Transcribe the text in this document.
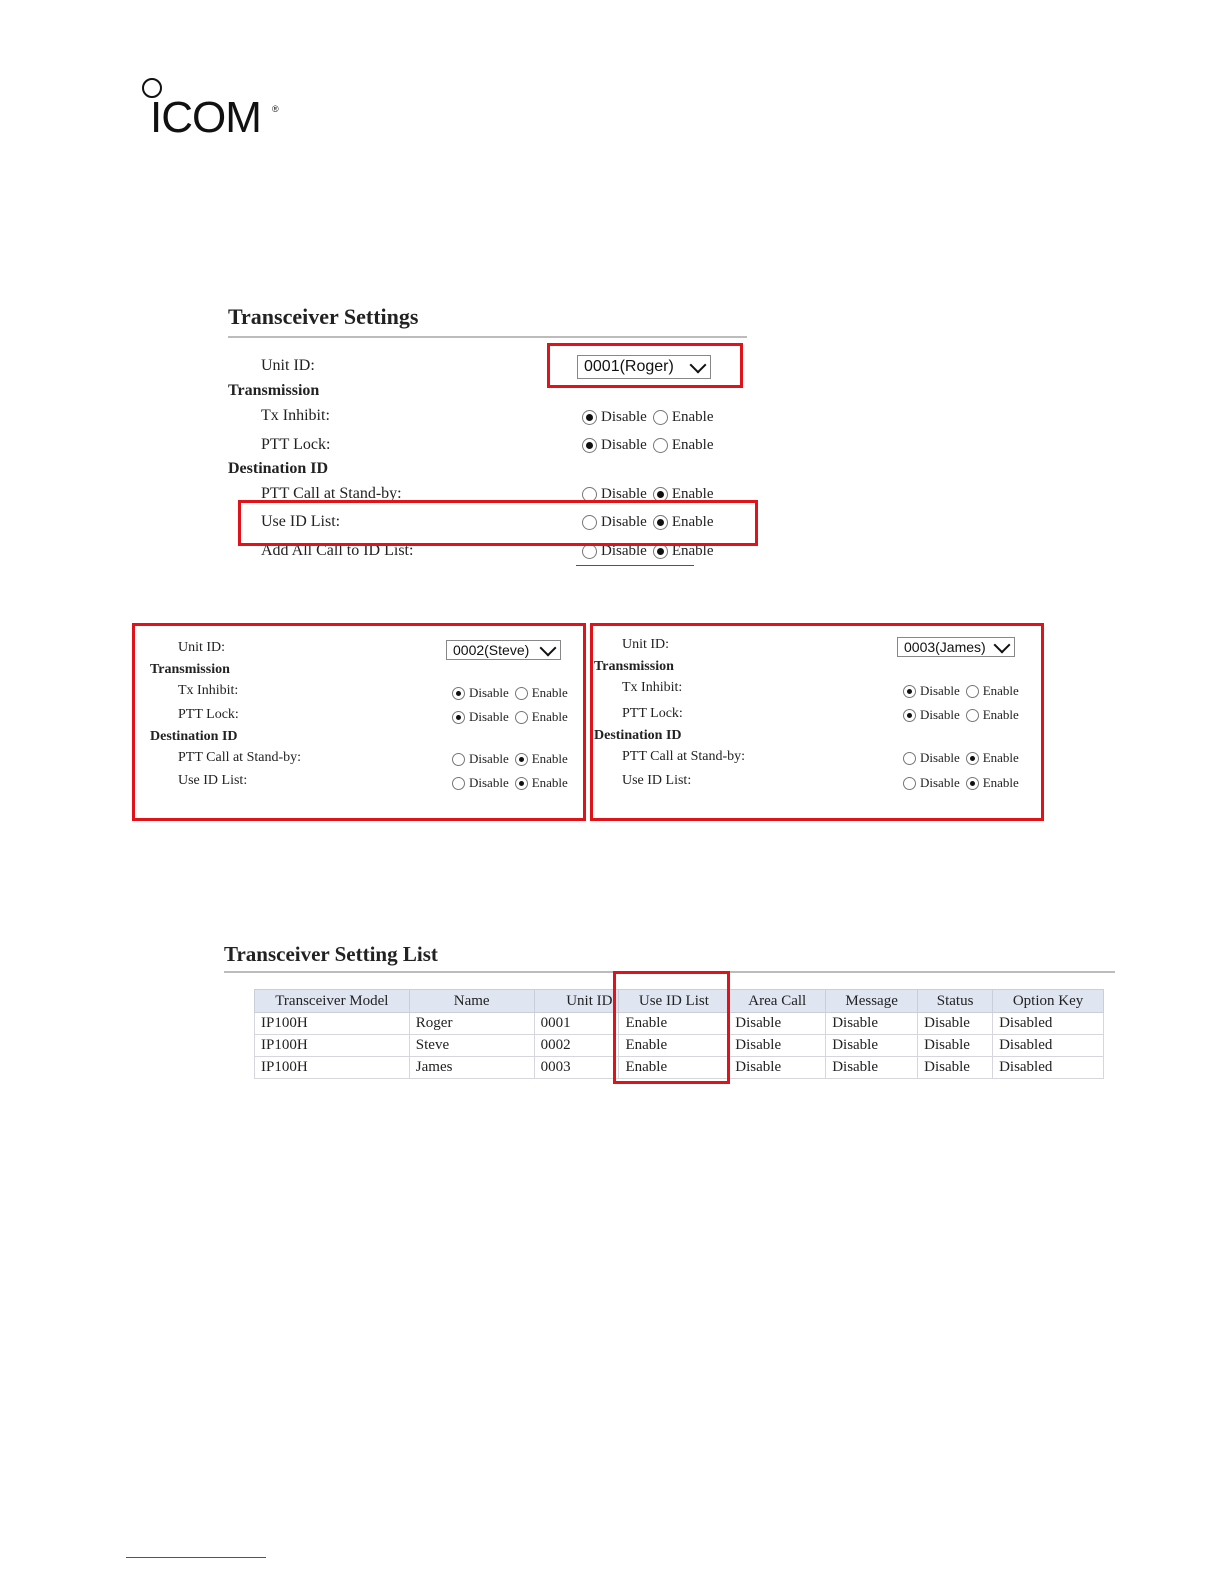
ICOM ®
Transceiver Settings
Unit ID:	0001(Roger)
Transmission
Tx Inhibit:	Disable Enable
PTT Lock:	Disable Enable
Destination ID
PTT Call at Stand-by:	Disable Enable
Use ID List:	Disable Enable
Add All Call to ID List:	Disable Enable
Unit ID:	0002(Steve)
Transmission
Tx Inhibit:	Disable Enable
PTT Lock:	Disable Enable
Destination ID
PTT Call at Stand-by:	Disable Enable
Use ID List:	Disable Enable
Unit ID:	0003(James)
Transmission
Tx Inhibit:	Disable Enable
PTT Lock:	Disable Enable
Destination ID
PTT Call at Stand-by:	Disable Enable
Use ID List:	Disable Enable
Transceiver Setting List
Transceiver Model	Name	Unit ID	Use ID List	Area Call	Message	Status	Option Key
IP100H	Roger	0001	Enable	Disable	Disable	Disable	Disabled
IP100H	Steve	0002	Enable	Disable	Disable	Disable	Disabled
IP100H	James	0003	Enable	Disable	Disable	Disable	Disabled
